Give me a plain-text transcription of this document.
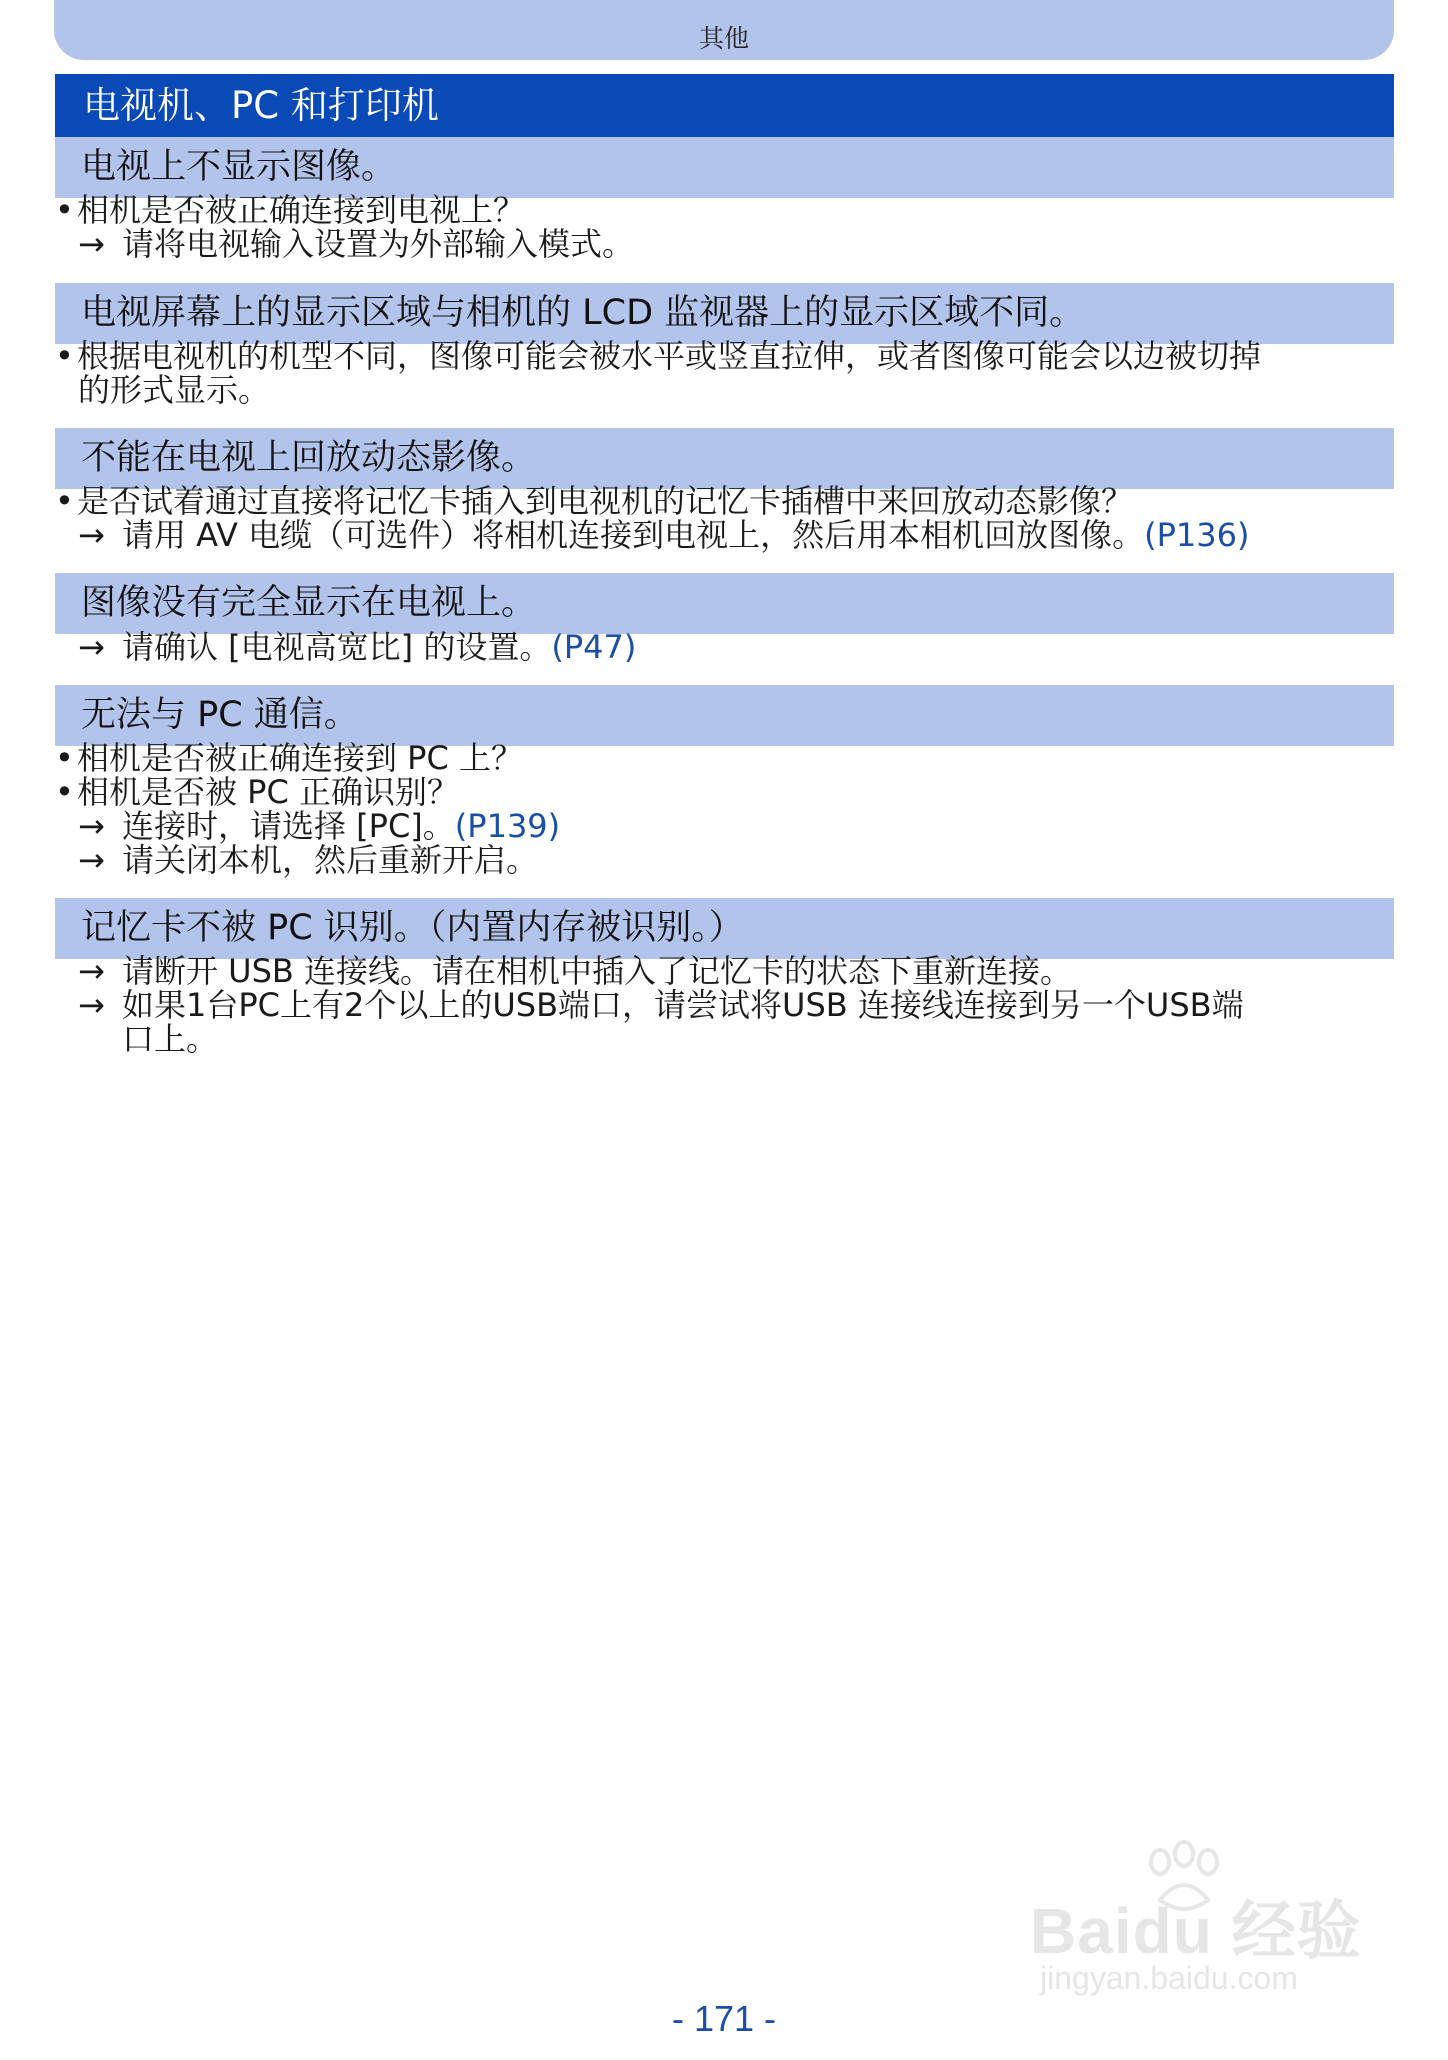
其他
电视机、PC 和打印机
电视上不显示图像。
•相机是否被正确连接到电视上？
→ 请将电视输入设置为外部输入模式。
电视屏幕上的显示区域与相机的 LCD 监视器上的显示区域不同。
•根据电视机的机型不同，图像可能会被水平或竖直拉伸，或者图像可能会以边被切掉
的形式显示。
不能在电视上回放动态影像。
•是否试着通过直接将记忆卡插入到电视机的记忆卡插槽中来回放动态影像？
→ 请用 AV 电缆（可选件）将相机连接到电视上，然后用本相机回放图像。(P136)
图像没有完全显示在电视上。
→ 请确认 [电视高宽比] 的设置。(P47)
无法与 PC 通信。
•相机是否被正确连接到 PC 上？
•相机是否被 PC 正确识别？
→ 连接时，请选择 [PC]。(P139)
→ 请关闭本机，然后重新开启。
记忆卡不被 PC 识别。（内置内存被识别。）
→ 请断开 USB 连接线。请在相机中插入了记忆卡的状态下重新连接。
→ 如果1台PC上有2个以上的USB端口，请尝试将USB 连接线连接到另一个USB端
口上。
Baidu 经验
jingyan.baidu.com
- 171 -
